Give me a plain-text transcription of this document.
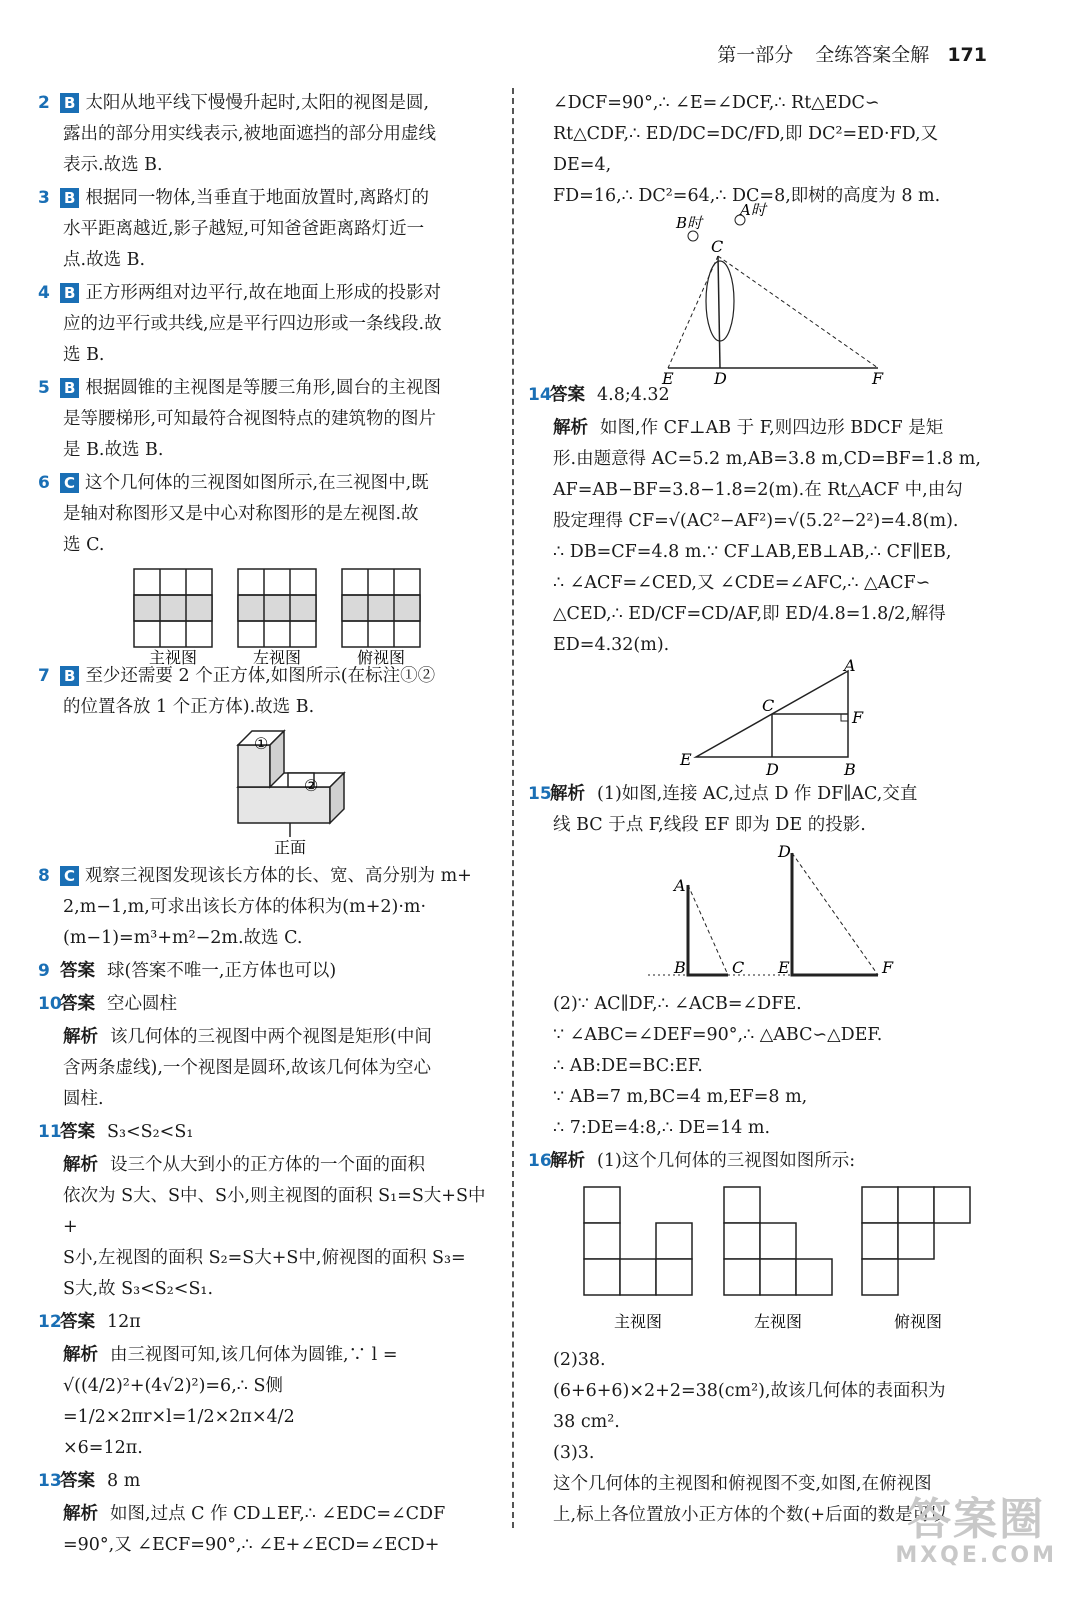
第一部分 全练答案全解 171
2 B 太阳从地平线下慢慢升起时,太阳的视图是圆,
露出的部分用实线表示,被地面遮挡的部分用虚线
表示.故选 B.
3 B 根据同一物体,当垂直于地面放置时,离路灯的
水平距离越近,影子越短,可知爸爸距离路灯近一
点.故选 B.
4 B 正方形两组对边平行,故在地面上形成的投影对
应的边平行或共线,应是平行四边形或一条线段.故
选 B.
5 B 根据圆锥的主视图是等腰三角形,圆台的主视图
是等腰梯形,可知最符合视图特点的建筑物的图片
是 B.故选 B.
6 C 这个几何体的三视图如图所示,在三视图中,既
是轴对称图形又是中心对称图形的是左视图.故
选 C.
主视图	左视图	俯视图
7 B 至少还需要 2 个正方体,如图所示(在标注①②
的位置各放 1 个正方体).故选 B.
①
②
正面
8 C 观察三视图发现该长方体的长、宽、高分别为 m+
2,m−1,m,可求出该长方体的体积为(m+2)·m·
(m−1)=m³+m²−2m.故选 C.
9 答案 球(答案不唯一,正方体也可以)
10答案 空心圆柱
解析 该几何体的三视图中两个视图是矩形(中间
含两条虚线),一个视图是圆环,故该几何体为空心
圆柱.
11答案 S₃<S₂<S₁
解析 设三个从大到小的正方体的一个面的面积
依次为 S大、S中、S小,则主视图的面积 S₁=S大+S中+
S小,左视图的面积 S₂=S大+S中,俯视图的面积 S₃=
S大,故 S₃<S₂<S₁.
12答案 12π
解析 由三视图可知,该几何体为圆锥,∵ l =
√((4/2)²+(4√2)²)=6,∴ S侧=1/2×2πr×l=1/2×2π×4/2
×6=12π.
13答案 8 m
解析 如图,过点 C 作 CD⊥EF,∴ ∠EDC=∠CDF
=90°,又 ∠ECF=90°,∴ ∠E+∠ECD=∠ECD+
∠DCF=90°,∴ ∠E=∠DCF,∴ Rt△EDC∽
Rt△CDF,∴ ED/DC=DC/FD,即 DC²=ED·FD,又 DE=4,
FD=16,∴ DC²=64,∴ DC=8,即树的高度为 8 m.
B时
A时
C
E	D	F
14答案 4.8;4.32
解析 如图,作 CF⊥AB 于 F,则四边形 BDCF 是矩
形.由题意得 AC=5.2 m,AB=3.8 m,CD=BF=1.8 m,
AF=AB−BF=3.8−1.8=2(m).在 Rt△ACF 中,由勾
股定理得 CF=√(AC²−AF²)=√(5.2²−2²)=4.8(m).
∴ DB=CF=4.8 m.∵ CF⊥AB,EB⊥AB,∴ CF∥EB,
∴ ∠ACF=∠CED,又 ∠CDE=∠AFC,∴ △ACF∽
△CED,∴ ED/CF=CD/AF,即 ED/4.8=1.8/2,解得 ED=4.32(m).
A
C
F
E
D	B
15解析 (1)如图,连接 AC,过点 D 作 DF∥AC,交直
线 BC 于点 F,线段 EF 即为 DE 的投影.
A
B	C
D
E	F
(2)∵ AC∥DF,∴ ∠ACB=∠DFE.
∵ ∠ABC=∠DEF=90°,∴ △ABC∽△DEF.
∴ AB:DE=BC:EF.
∵ AB=7 m,BC=4 m,EF=8 m,
∴ 7:DE=4:8,∴ DE=14 m.
16解析 (1)这个几何体的三视图如图所示:
主视图	左视图	俯视图
(2)38.
(6+6+6)×2+2=38(cm²),故该几何体的表面积为
38 cm².
(3)3.
这个几何体的主视图和俯视图不变,如图,在俯视图
上,标上各位置放小正方体的个数(+后面的数是可以
答案圈
MXQE.COM
